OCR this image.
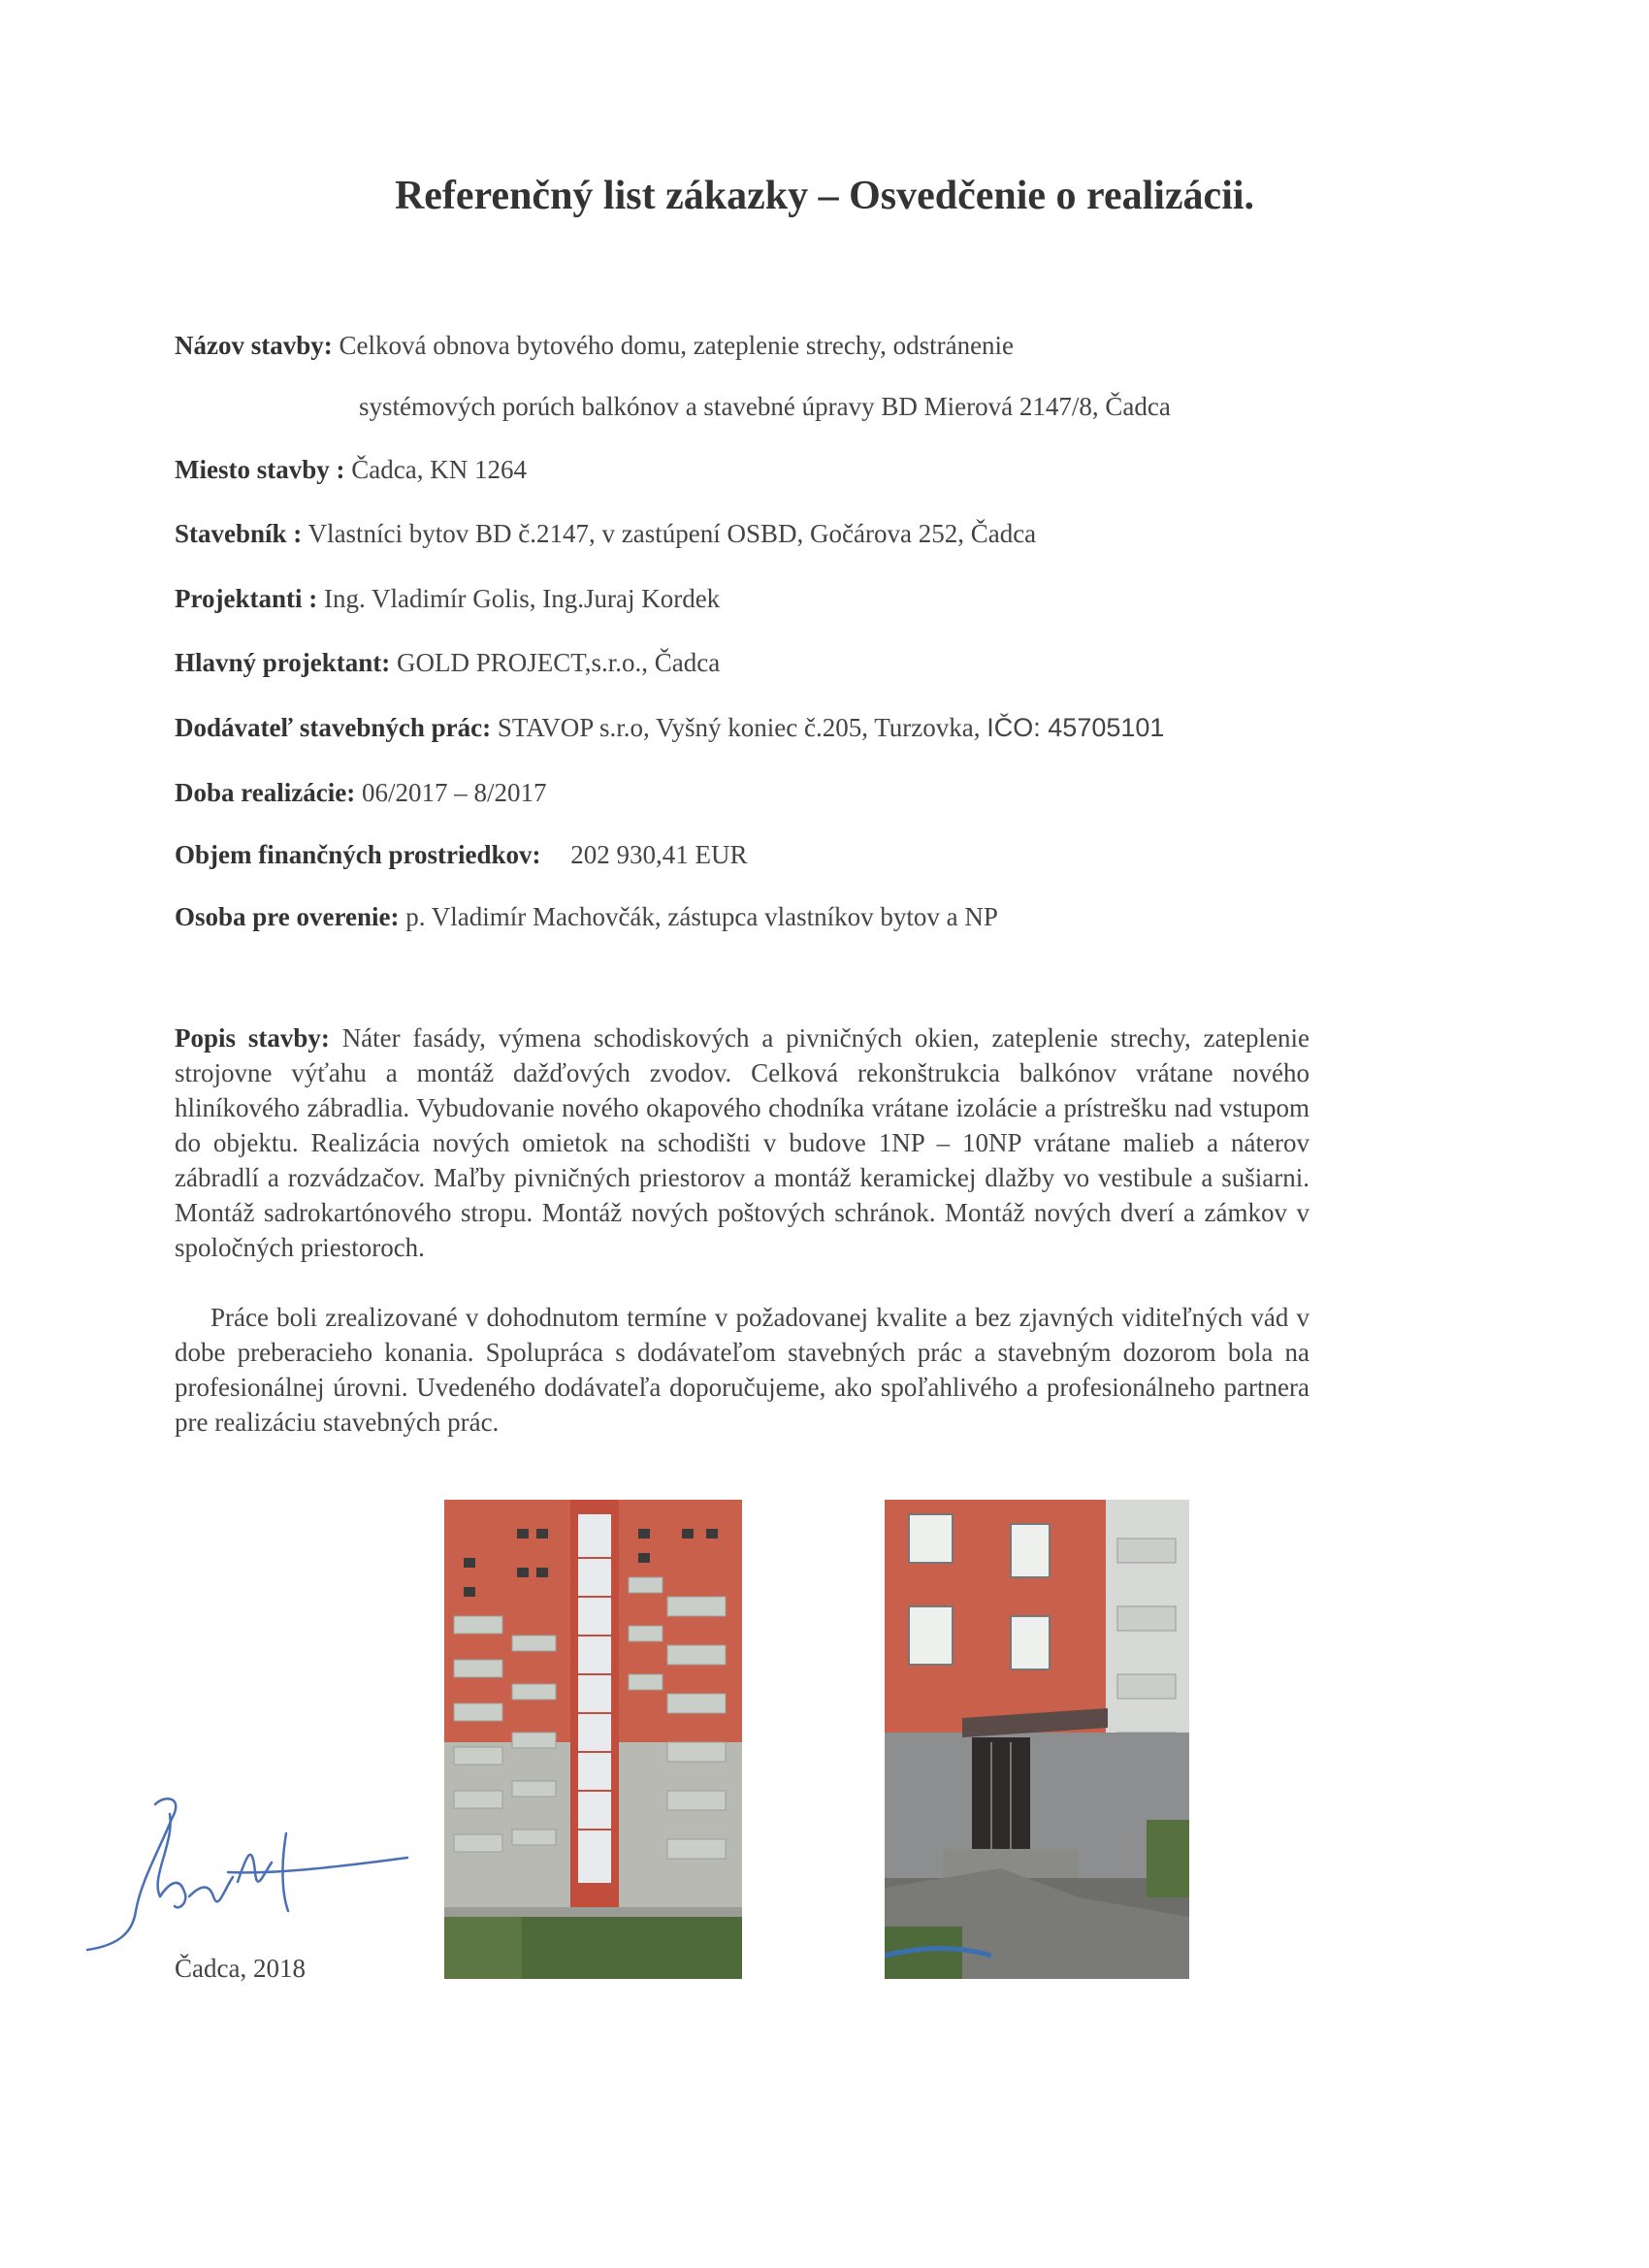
Referenčný list zákazky – Osvedčenie o realizácii.
Názov stavby: Celková obnova bytového domu, zateplenie strechy, odstránenie
systémových porúch balkónov a stavebné úpravy BD Mierová 2147/8, Čadca
Miesto stavby : Čadca, KN 1264
Stavebník : Vlastníci bytov BD č.2147, v zastúpení OSBD, Gočárova 252, Čadca
Projektanti : Ing. Vladimír Golis, Ing.Juraj Kordek
Hlavný projektant: GOLD PROJECT,s.r.o., Čadca
Dodávateľ stavebných prác: STAVOP s.r.o, Vyšný koniec č.205, Turzovka, IČO: 45705101
Doba realizácie: 06/2017 – 8/2017
Objem finančných prostriedkov: 202 930,41 EUR
Osoba pre overenie: p. Vladimír Machovčák, zástupca vlastníkov bytov a NP

Popis stavby: Náter fasády, výmena schodiskových a pivničných okien, zateplenie strechy, zateplenie strojovne výťahu a montáž dažďových zvodov. Celková rekonštrukcia balkónov vrátane nového hliníkového zábradlia. Vybudovanie nového okapového chodníka vrátane izolácie a prístrešku nad vstupom do objektu. Realizácia nových omietok na schodišti v budove 1NP – 10NP vrátane malieb a náterov zábradlí a rozvádzačov. Maľby pivničných priestorov a montáž keramickej dlažby vo vestibule a sušiarni. Montáž sadrokartónového stropu. Montáž nových poštových schránok. Montáž nových dverí a zámkov v spoločných priestoroch.

Práce boli zrealizované v dohodnutom termíne v požadovanej kvalite a bez zjavných viditeľných vád v dobe preberacieho konania. Spolupráca s dodávateľom stavebných prác a stavebným dozorom bola na profesionálnej úrovni. Uvedeného dodávateľa doporučujeme, ako spoľahlivého a profesionálneho partnera pre realizáciu stavebných prác.

Čadca, 2018
